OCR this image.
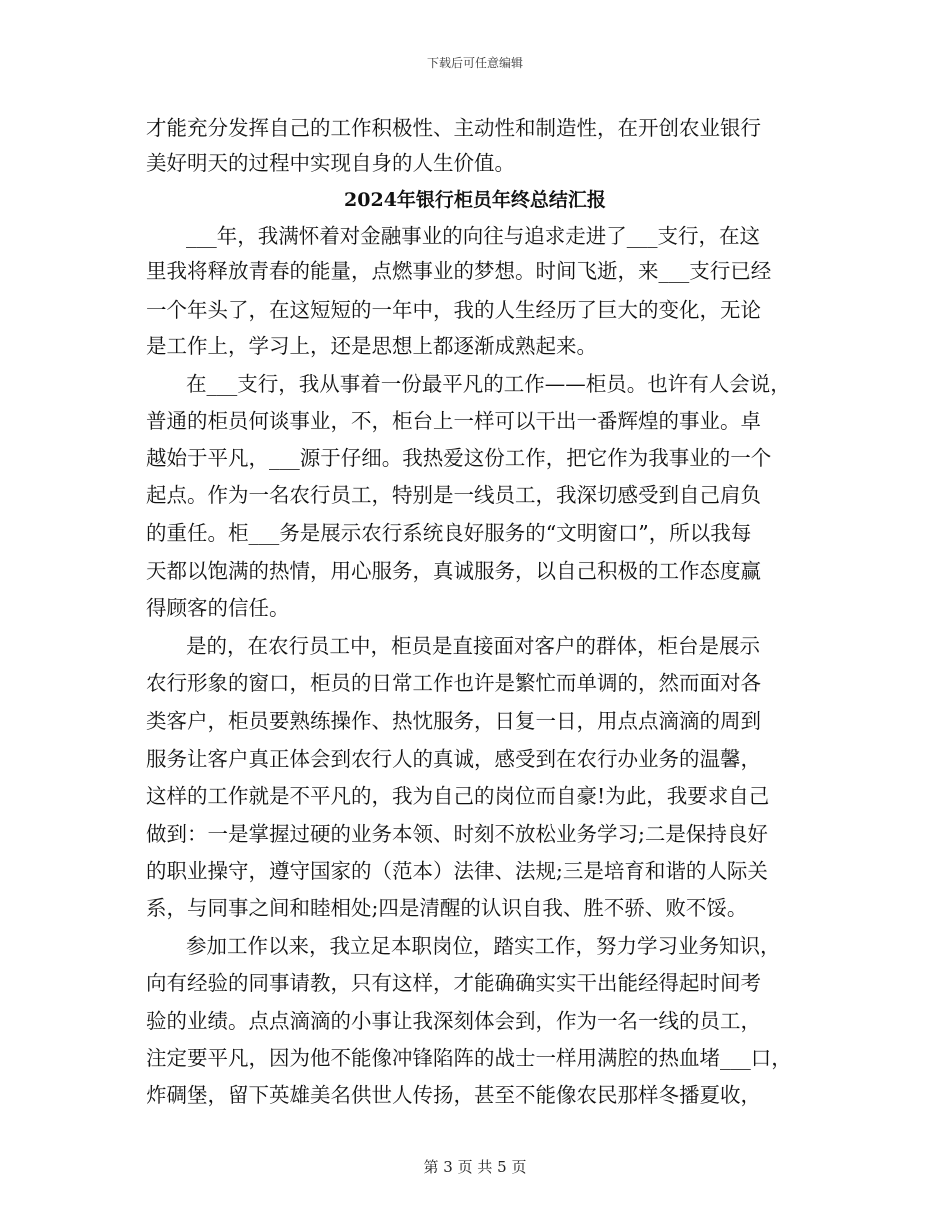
下载后可任意编辑
才能充分发挥自己的工作积极性、主动性和制造性，在开创农业银行
美好明天的过程中实现自身的人生价值。
2024年银行柜员年终总结汇报
___年，我满怀着对金融事业的向往与追求走进了___支行，在这
里我将释放青春的能量，点燃事业的梦想。时间飞逝，来___支行已经
一个年头了，在这短短的一年中，我的人生经历了巨大的变化，无论
是工作上，学习上，还是思想上都逐渐成熟起来。
在___支行，我从事着一份最平凡的工作——柜员。也许有人会说，
普通的柜员何谈事业，不，柜台上一样可以干出一番辉煌的事业。卓
越始于平凡，___源于仔细。我热爱这份工作，把它作为我事业的一个
起点。作为一名农行员工，特别是一线员工，我深切感受到自己肩负
的重任。柜___务是展示农行系统良好服务的“文明窗口”，所以我每
天都以饱满的热情，用心服务，真诚服务，以自己积极的工作态度赢
得顾客的信任。
是的，在农行员工中，柜员是直接面对客户的群体，柜台是展示
农行形象的窗口，柜员的日常工作也许是繁忙而单调的，然而面对各
类客户，柜员要熟练操作、热忱服务，日复一日，用点点滴滴的周到
服务让客户真正体会到农行人的真诚，感受到在农行办业务的温馨，
这样的工作就是不平凡的，我为自己的岗位而自豪!为此，我要求自己
做到：一是掌握过硬的业务本领、时刻不放松业务学习;二是保持良好
的职业操守，遵守国家的（范本）法律、法规;三是培育和谐的人际关
系，与同事之间和睦相处;四是清醒的认识自我、胜不骄、败不馁。
参加工作以来，我立足本职岗位，踏实工作，努力学习业务知识，
向有经验的同事请教，只有这样，才能确确实实干出能经得起时间考
验的业绩。点点滴滴的小事让我深刻体会到，作为一名一线的员工，
注定要平凡，因为他不能像冲锋陷阵的战士一样用满腔的热血堵___口，
炸碉堡，留下英雄美名供世人传扬，甚至不能像农民那样冬播夏收，
第 3 页 共 5 页
